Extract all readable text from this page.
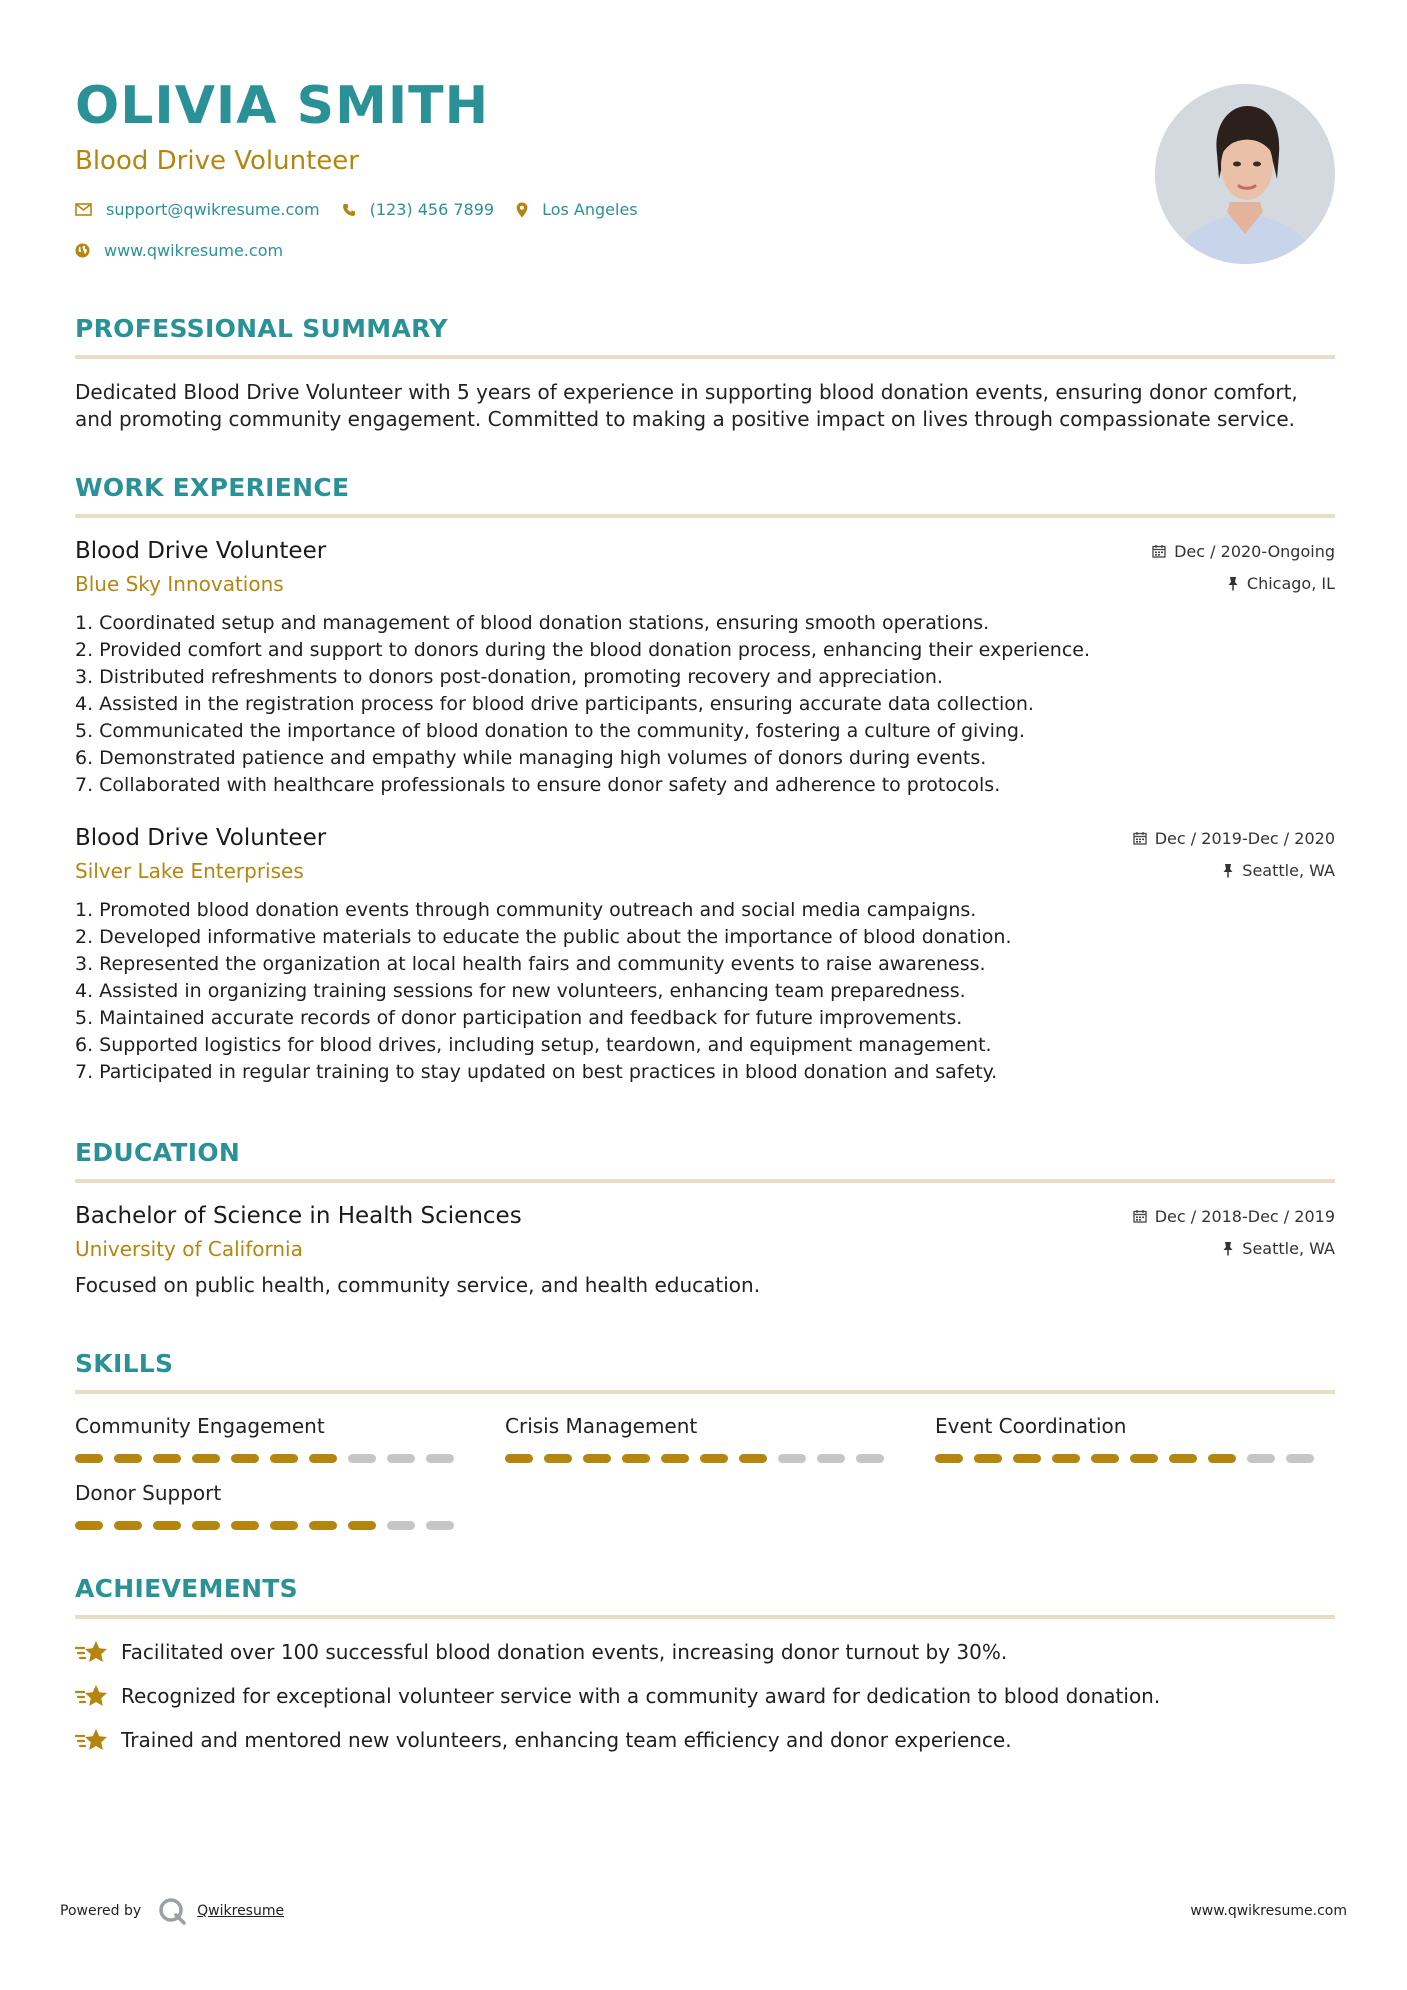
OLIVIA SMITH
Blood Drive Volunteer
support@qwikresume.com	(123) 456 7899	Los Angeles
www.qwikresume.com
PROFESSIONAL SUMMARY
Dedicated Blood Drive Volunteer with 5 years of experience in supporting blood donation events, ensuring donor comfort, and promoting community engagement. Committed to making a positive impact on lives through compassionate service.
WORK EXPERIENCE
Blood Drive Volunteer	Dec / 2020-Ongoing
Blue Sky Innovations	Chicago, IL
1. Coordinated setup and management of blood donation stations, ensuring smooth operations.
2. Provided comfort and support to donors during the blood donation process, enhancing their experience.
3. Distributed refreshments to donors post-donation, promoting recovery and appreciation.
4. Assisted in the registration process for blood drive participants, ensuring accurate data collection.
5. Communicated the importance of blood donation to the community, fostering a culture of giving.
6. Demonstrated patience and empathy while managing high volumes of donors during events.
7. Collaborated with healthcare professionals to ensure donor safety and adherence to protocols.
Blood Drive Volunteer	Dec / 2019-Dec / 2020
Silver Lake Enterprises	Seattle, WA
1. Promoted blood donation events through community outreach and social media campaigns.
2. Developed informative materials to educate the public about the importance of blood donation.
3. Represented the organization at local health fairs and community events to raise awareness.
4. Assisted in organizing training sessions for new volunteers, enhancing team preparedness.
5. Maintained accurate records of donor participation and feedback for future improvements.
6. Supported logistics for blood drives, including setup, teardown, and equipment management.
7. Participated in regular training to stay updated on best practices in blood donation and safety.
EDUCATION
Bachelor of Science in Health Sciences	Dec / 2018-Dec / 2019
University of California	Seattle, WA
Focused on public health, community service, and health education.
SKILLS
Community Engagement	Crisis Management	Event Coordination
Donor Support
ACHIEVEMENTS
Facilitated over 100 successful blood donation events, increasing donor turnout by 30%.
Recognized for exceptional volunteer service with a community award for dedication to blood donation.
Trained and mentored new volunteers, enhancing team efficiency and donor experience.
Powered by	Qwikresume	www.qwikresume.com
